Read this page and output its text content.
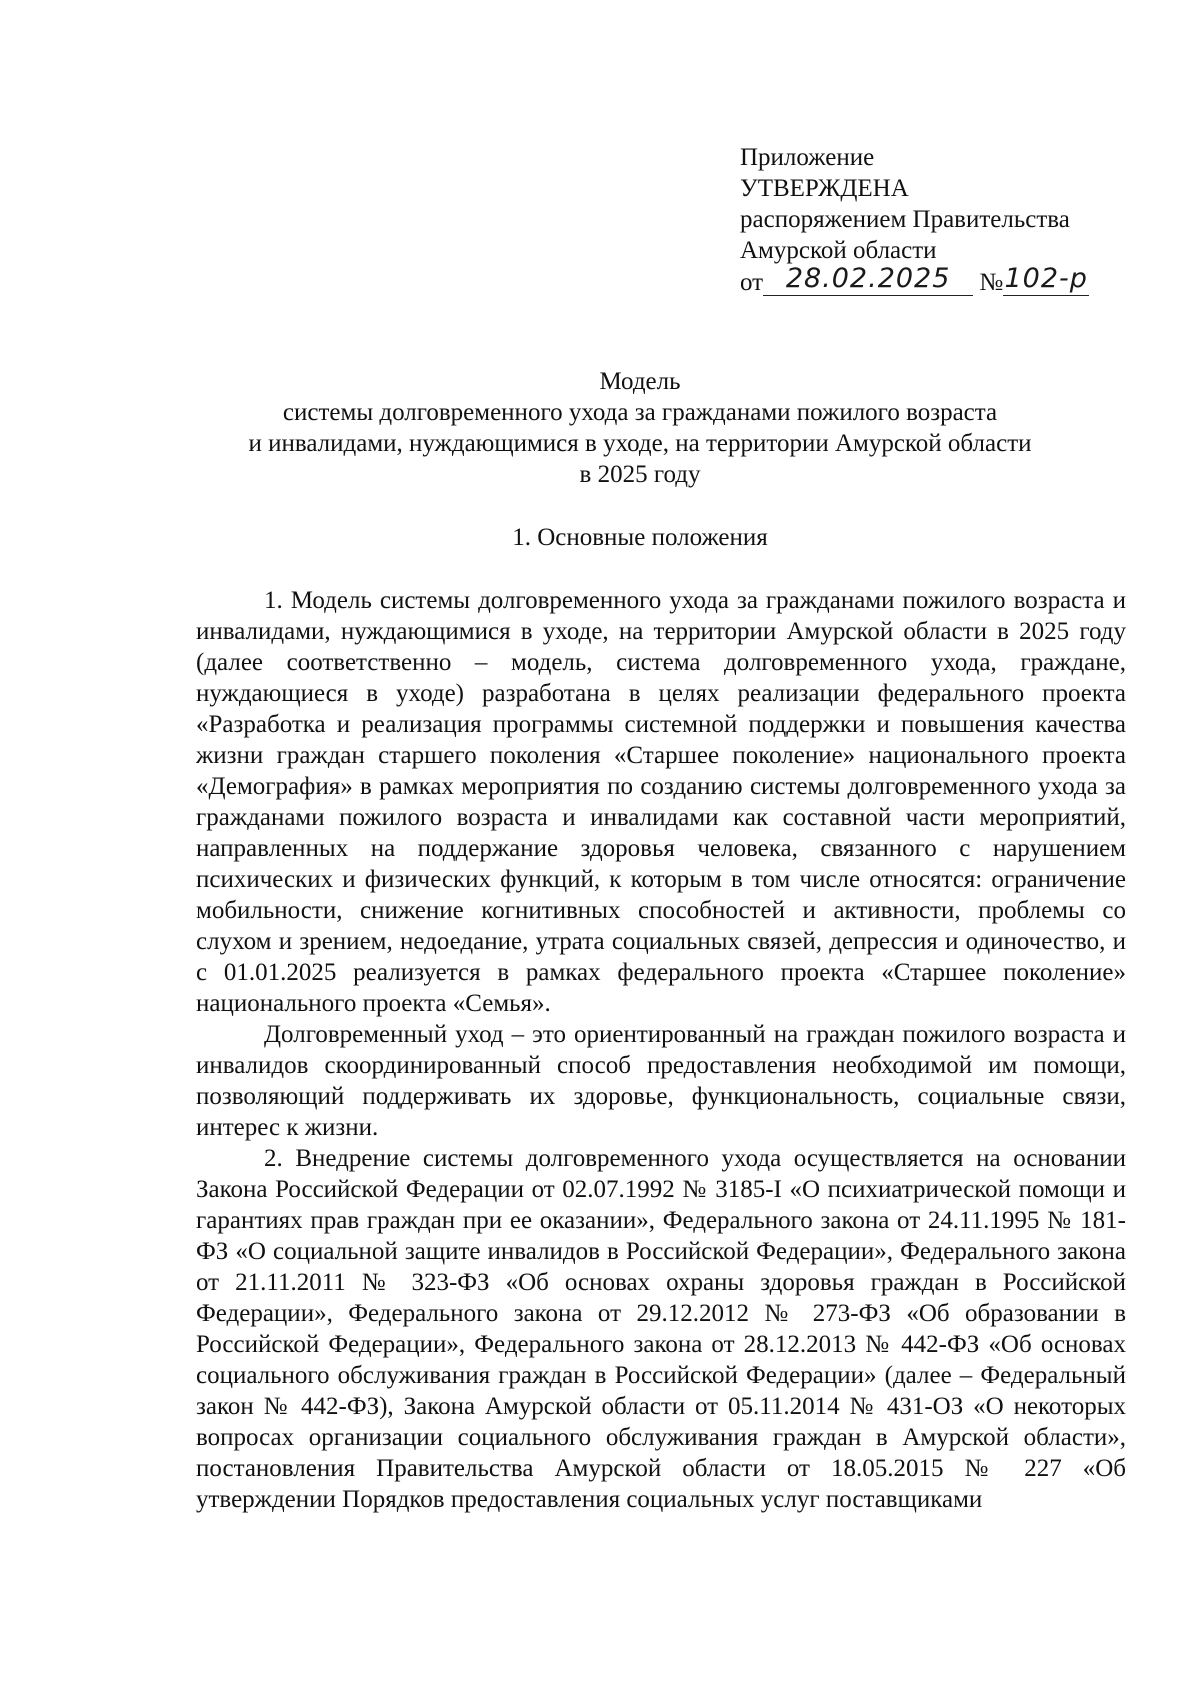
Приложение
УТВЕРЖДЕНА
распоряжением Правительства
Амурской области
от 28.02.2025 №102-р
Модель
системы долговременного ухода за гражданами пожилого возраста
и инвалидами, нуждающимися в уходе, на территории Амурской области
в 2025 году
1. Основные положения

1. Модель системы долговременного ухода за гражданами пожилого возраста и инвалидами, нуждающимися в уходе, на территории Амурской области в 2025 году (далее соответственно – модель, система долговременного ухода, граждане, нуждающиеся в уходе) разработана в целях реализации федерального проекта «Разработка и реализация программы системной поддержки и повышения качества жизни граждан старшего поколения «Старшее поколение» национального проекта «Демография» в рамках мероприятия по созданию системы долговременного ухода за гражданами пожилого возраста и инвалидами как составной части мероприятий, направленных на поддержание здоровья человека, связанного с нарушением психических и физических функций, к которым в том числе относятся: ограничение мобильности, снижение когнитивных способностей и активности, проблемы со слухом и зрением, недоедание, утрата социальных связей, депрессия и одиночество, и с 01.01.2025 реализуется в рамках федерального проекта «Старшее поколение» национального проекта «Семья».

Долговременный уход – это ориентированный на граждан пожилого возраста и инвалидов скоординированный способ предоставления необходимой им помощи, позволяющий поддерживать их здоровье, функциональность, социальные связи, интерес к жизни.

2. Внедрение системы долговременного ухода осуществляется на основании Закона Российской Федерации от 02.07.1992 № 3185-I «О психиатрической помощи и гарантиях прав граждан при ее оказании», Федерального закона от 24.11.1995 № 181-ФЗ «О социальной защите инвалидов в Российской Федерации», Федерального закона от 21.11.2011 № 323-ФЗ «Об основах охраны здоровья граждан в Российской Федерации», Федерального закона от 29.12.2012 № 273-ФЗ «Об образовании в Российской Федерации», Федерального закона от 28.12.2013 № 442-ФЗ «Об основах социального обслуживания граждан в Российской Федерации» (далее – Федеральный закон № 442-ФЗ), Закона Амурской области от 05.11.2014 № 431-ОЗ «О некоторых вопросах организации социального обслуживания граждан в Амурской области», постановления Правительства Амурской области от 18.05.2015 № 227 «Об утверждении Порядков предоставления социальных услуг поставщиками
